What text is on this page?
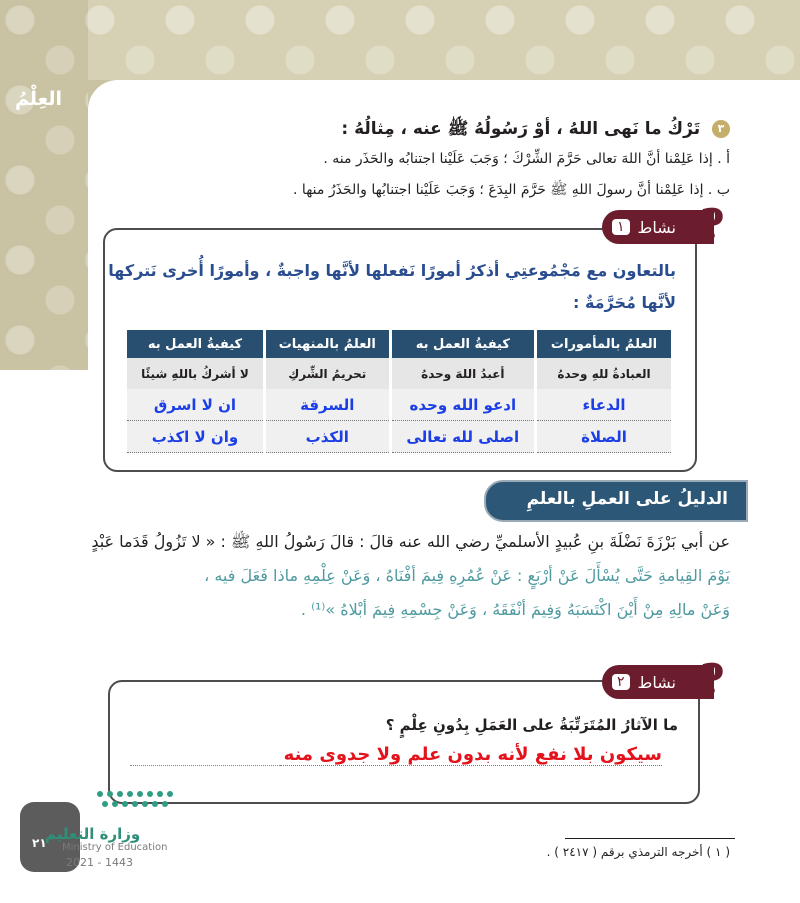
العِلْمُ
٣ تَرْكُ ما نَهى اللهُ ، أوْ رَسُولُهُ ﷺ عنه ، مِثالُهُ :
أ . إذا عَلِمْنا أنَّ اللهَ تعالى حَرَّمَ الشِّرْكَ ؛ وَجَبَ عَلَيْنا اجتنابُه والحَذَر منه .
ب . إذا عَلِمْنا أنَّ رسولَ اللهِ ﷺ حَرَّمَ البِدَعَ ؛ وَجَبَ عَلَيْنا اجتنابُها والحَذَرُ منها .
١ نشاط ?
بالتعاون مع مَجْمُوعتِي أذكرُ أمورًا نَفعلها لأنَّها واجبةٌ ، وأمورًا أُخرى نَتركها
لأنَّها مُحَرَّمَةٌ :
العلمُ بالمأمورات	كيفيةُ العمل به	العلمُ بالمنهيات	كيفيةُ العمل به
العبادةُ للهِ وحدهُ	أعبدُ اللهَ وحدهُ	تحريمُ الشِّركِ	لا أشركُ باللهِ شيئًا
الدعاء	ادعو الله وحده	السرقة	ان لا اسرق
الصلاة	اصلى لله تعالى	الكذب	وان لا اكذب
الدليلُ على العملِ بالعلمِ
عن أبي بَرْزَةَ نَضْلَةَ بنِ عُبيدٍ الأسلميِّ رضي الله عنه قالَ : قالَ رَسُولُ اللهِ ﷺ : « لا تَزُولُ قَدَما عَبْدٍ
يَوْمَ القِيامةِ حَتَّى يُسْأَلَ عَنْ أرْبَعٍ : عَنْ عُمُرِهِ فِيمَ أفْنَاهُ ، وَعَنْ عِلْمِهِ ماذا فَعَلَ فيه ،
وَعَنْ مالِهِ مِنْ أَيْنَ اكْتَسَبَهُ وَفِيمَ أنْفَقَهُ ، وَعَنْ جِسْمِهِ فِيمَ أبْلاهُ »⁽¹⁾ .
٢ نشاط ?
ما الآثارُ المُتَرَتِّبَةُ على العَمَلِ بِدُونِ عِلْمٍ ؟
سيكون بلا نفع لأنه بدون علم ولا جدوى منه
وزارة التعليم
Ministry of Education
٢١
2021 - 1443
( ١ ) أخرجه الترمذي برقم ( ٢٤١٧ ) .
